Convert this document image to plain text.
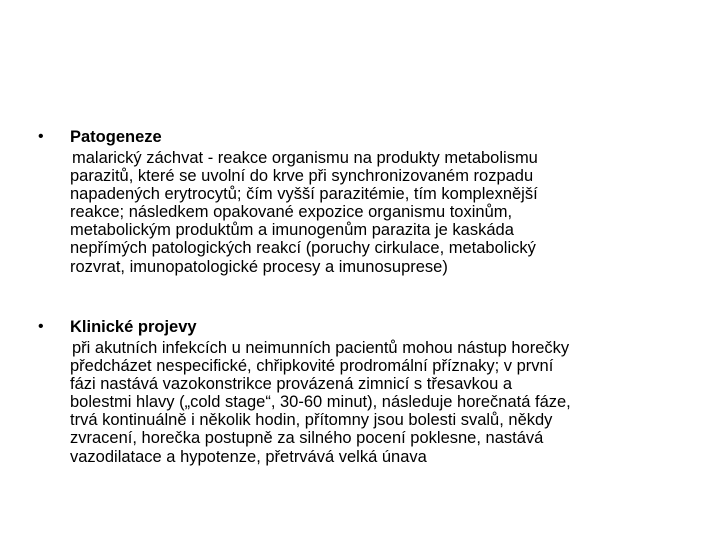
• Patogeneze

malarický záchvat - reakce organismu na produkty metabolismu
parazitů, které se uvolní do krve při synchronizovaném rozpadu
napadených erytrocytů; čím vyšší parazitémie, tím komplexnější
reakce; následkem opakované expozice organismu toxinům,
metabolickým produktům a imunogenům parazita je kaskáda
nepřímých patologických reakcí (poruchy cirkulace, metabolický
rozvrat, imunopatologické procesy a imunosuprese)

• Klinické projevy

při akutních infekcích u neimunních pacientů mohou nástup horečky
předcházet nespecifické, chřipkovité prodromální příznaky; v první
fázi nastává vazokonstrikce provázená zimnicí s třesavkou a
bolestmi hlavy („cold stage“, 30-60 minut), následuje horečnatá fáze,
trvá kontinuálně i několik hodin, přítomny jsou bolesti svalů, někdy
zvracení, horečka postupně za silného pocení poklesne, nastává
vazodilatace a hypotenze, přetrvává velká únava
